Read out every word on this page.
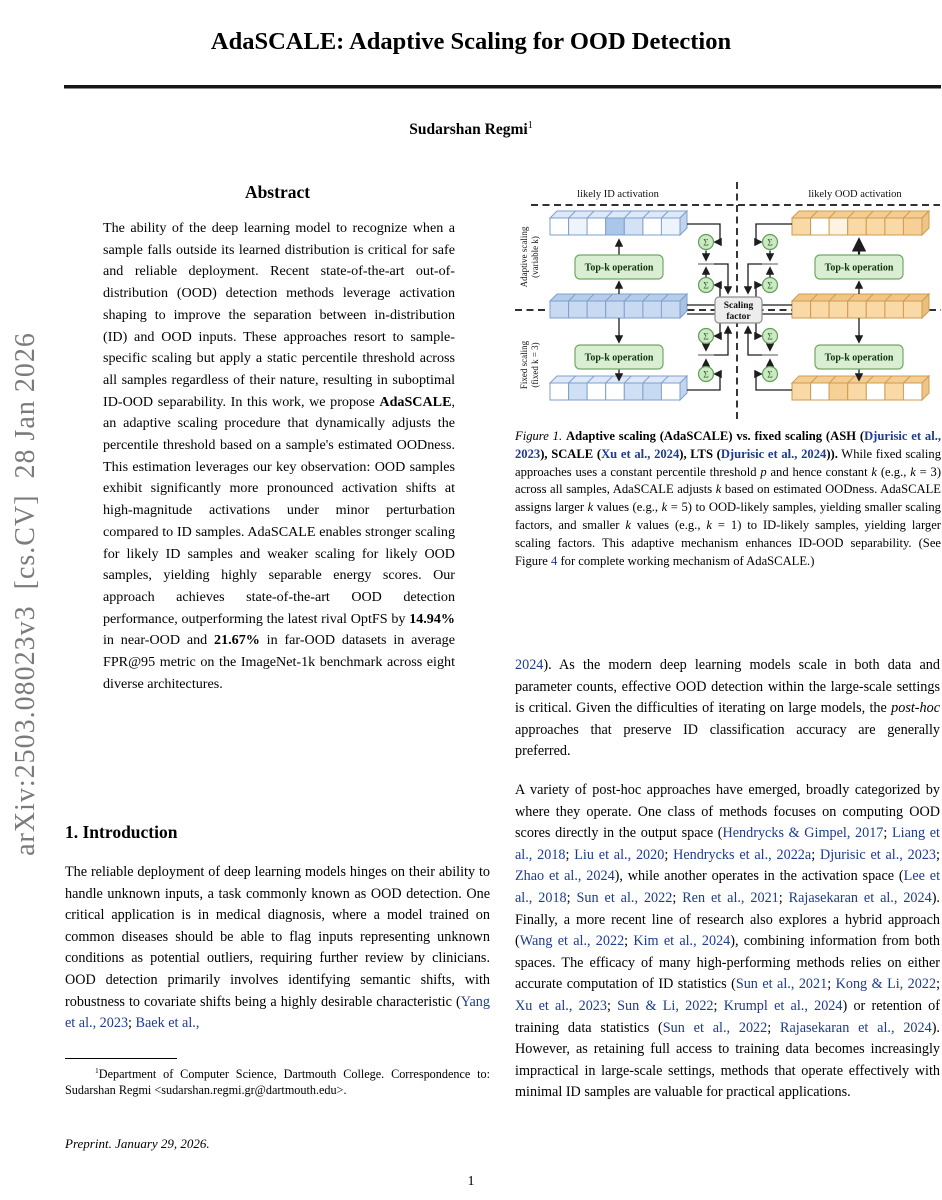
arXiv:2503.08023v3  [cs.CV]  28 Jan 2026
AdaSCALE: Adaptive Scaling for OOD Detection
Sudarshan Regmi$^1$
Abstract

The ability of the deep learning model to recognize when a sample falls outside its learned distribution is critical for safe and reliable deployment. Recent state-of-the-art out-of-distribution (OOD) detection methods leverage activation shaping to improve the separation between in-distribution (ID) and OOD inputs. These approaches resort to sample-specific scaling but apply a static percentile threshold across all samples regardless of their nature, resulting in suboptimal ID-OOD separability. In this work, we propose AdaSCALE, an adaptive scaling procedure that dynamically adjusts the percentile threshold based on a sample's estimated OODness. This estimation leverages our key observation: OOD samples exhibit significantly more pronounced activation shifts at high-magnitude activations under minor perturbation compared to ID samples. AdaSCALE enables stronger scaling for likely ID samples and weaker scaling for likely OOD samples, yielding highly separable energy scores. Our approach achieves state-of-the-art OOD detection performance, outperforming the latest rival OptFS by 14.94% in near-OOD and 21.67% in far-OOD datasets in average FPR@95 metric on the ImageNet-1k benchmark across eight diverse architectures.

1. Introduction

The reliable deployment of deep learning models hinges on their ability to handle unknown inputs, a task commonly known as OOD detection. One critical application is in medical diagnosis, where a model trained on common diseases should be able to flag inputs representing unknown conditions as potential outliers, requiring further review by clinicians. OOD detection primarily involves identifying semantic shifts, with robustness to covariate shifts being a highly desirable characteristic (Yang et al., 2023; Baek et al.,

$^1$Department of Computer Science, Dartmouth College. Correspondence to: Sudarshan Regmi <sudarshan.regmi.gr@dartmouth.edu>.

Preprint. January 29, 2026.

likely ID activation	likely OOD activation
Adaptive scaling (variable k)
Fixed scaling (fixed k = 3)
Top-k operation
Top-k operation
Top-k operation
Top-k operation
Σ
Σ
Σ
Σ
Σ
Σ
Σ
Σ
Scaling
factor

Figure 1. Adaptive scaling (AdaSCALE) vs. fixed scaling (ASH (Djurisic et al., 2023), SCALE (Xu et al., 2024), LTS (Djurisic et al., 2024)). While fixed scaling approaches uses a constant percentile threshold p and hence constant k (e.g., k = 3) across all samples, AdaSCALE adjusts k based on estimated OODness. AdaSCALE assigns larger k values (e.g., k = 5) to OOD-likely samples, yielding smaller scaling factors, and smaller k values (e.g., k = 1) to ID-likely samples, yielding larger scaling factors. This adaptive mechanism enhances ID-OOD separability. (See Figure 4 for complete working mechanism of AdaSCALE.)

2024). As the modern deep learning models scale in both data and parameter counts, effective OOD detection within the large-scale settings is critical. Given the difficulties of iterating on large models, the post-hoc approaches that preserve ID classification accuracy are generally preferred.

A variety of post-hoc approaches have emerged, broadly categorized by where they operate. One class of methods focuses on computing OOD scores directly in the output space (Hendrycks & Gimpel, 2017; Liang et al., 2018; Liu et al., 2020; Hendrycks et al., 2022a; Djurisic et al., 2023; Zhao et al., 2024), while another operates in the activation space (Lee et al., 2018; Sun et al., 2022; Ren et al., 2021; Rajasekaran et al., 2024). Finally, a more recent line of research also explores a hybrid approach (Wang et al., 2022; Kim et al., 2024), combining information from both spaces. The efficacy of many high-performing methods relies on either accurate computation of ID statistics (Sun et al., 2021; Kong & Li, 2022; Xu et al., 2023; Sun & Li, 2022; Krumpl et al., 2024) or retention of training data statistics (Sun et al., 2022; Rajasekaran et al., 2024). However, as retaining full access to training data becomes increasingly impractical in large-scale settings, methods that operate effectively with minimal ID samples are valuable for practical applications.

1
